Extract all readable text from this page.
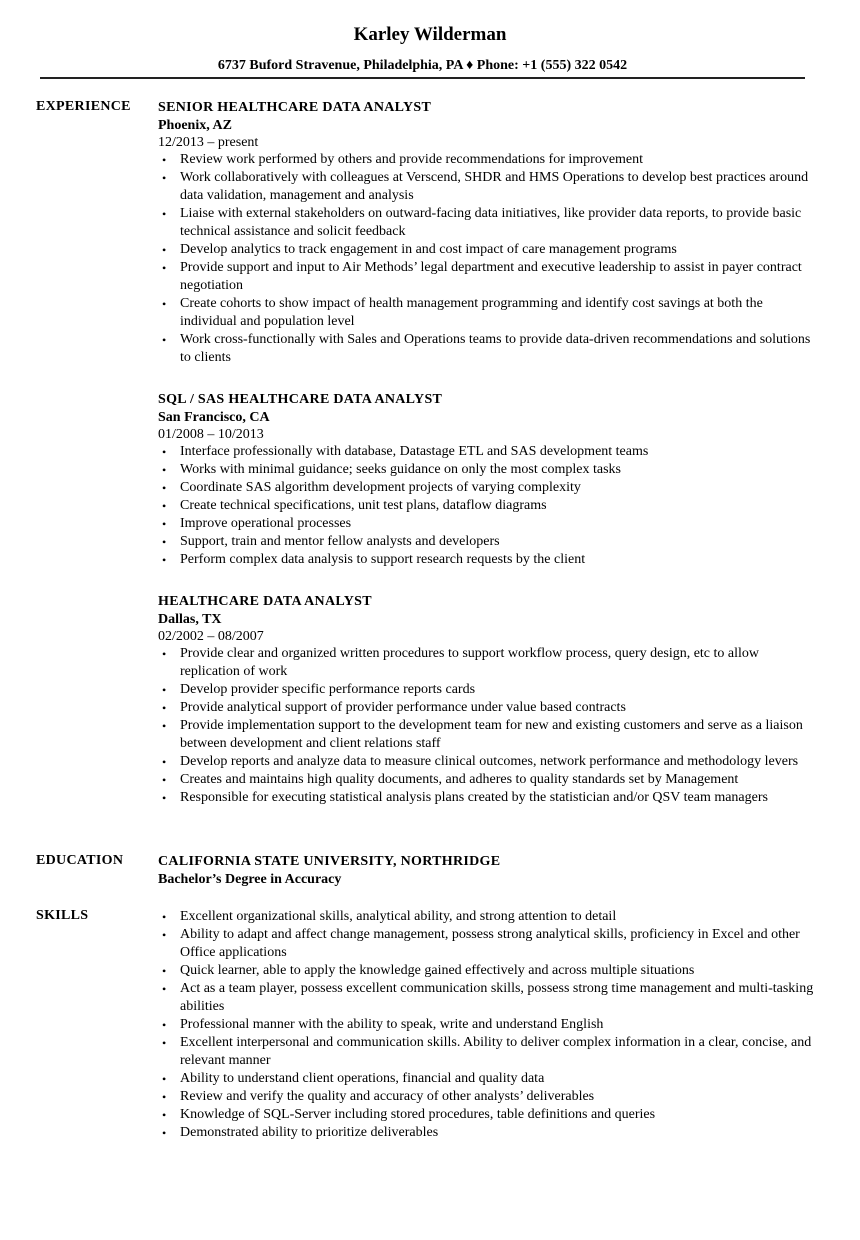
Karley Wilderman
6737 Buford Stravenue, Philadelphia, PA ♦ Phone: +1 (555) 322 0542
EXPERIENCE SENIOR HEALTHCARE DATA ANALYST
Phoenix, AZ
12/2013 – present
• Review work performed by others and provide recommendations for improvement
• Work collaboratively with colleagues at Verscend, SHDR and HMS Operations to develop best practices around data validation, management and analysis
• Liaise with external stakeholders on outward-facing data initiatives, like provider data reports, to provide basic technical assistance and solicit feedback
• Develop analytics to track engagement in and cost impact of care management programs
• Provide support and input to Air Methods’ legal department and executive leadership to assist in payer contract negotiation
• Create cohorts to show impact of health management programming and identify cost savings at both the individual and population level
• Work cross-functionally with Sales and Operations teams to provide data-driven recommendations and solutions to clients
SQL / SAS HEALTHCARE DATA ANALYST
San Francisco, CA
01/2008 – 10/2013
• Interface professionally with database, Datastage ETL and SAS development teams
• Works with minimal guidance; seeks guidance on only the most complex tasks
• Coordinate SAS algorithm development projects of varying complexity
• Create technical specifications, unit test plans, dataflow diagrams
• Improve operational processes
• Support, train and mentor fellow analysts and developers
• Perform complex data analysis to support research requests by the client
HEALTHCARE DATA ANALYST
Dallas, TX
02/2002 – 08/2007
• Provide clear and organized written procedures to support workflow process, query design, etc to allow replication of work
• Develop provider specific performance reports cards
• Provide analytical support of provider performance under value based contracts
• Provide implementation support to the development team for new and existing customers and serve as a liaison between development and client relations staff
• Develop reports and analyze data to measure clinical outcomes, network performance and methodology levers
• Creates and maintains high quality documents, and adheres to quality standards set by Management
• Responsible for executing statistical analysis plans created by the statistician and/or QSV team managers
EDUCATION CALIFORNIA STATE UNIVERSITY, NORTHRIDGE
Bachelor’s Degree in Accuracy
SKILLS	• Excellent organizational skills, analytical ability, and strong attention to detail
• Ability to adapt and affect change management, possess strong analytical skills, proficiency in Excel and other Office applications
• Quick learner, able to apply the knowledge gained effectively and across multiple situations
• Act as a team player, possess excellent communication skills, possess strong time management and multi-tasking abilities
• Professional manner with the ability to speak, write and understand English
• Excellent interpersonal and communication skills. Ability to deliver complex information in a clear, concise, and relevant manner
• Ability to understand client operations, financial and quality data
• Review and verify the quality and accuracy of other analysts’ deliverables
• Knowledge of SQL-Server including stored procedures, table definitions and queries
• Demonstrated ability to prioritize deliverables
